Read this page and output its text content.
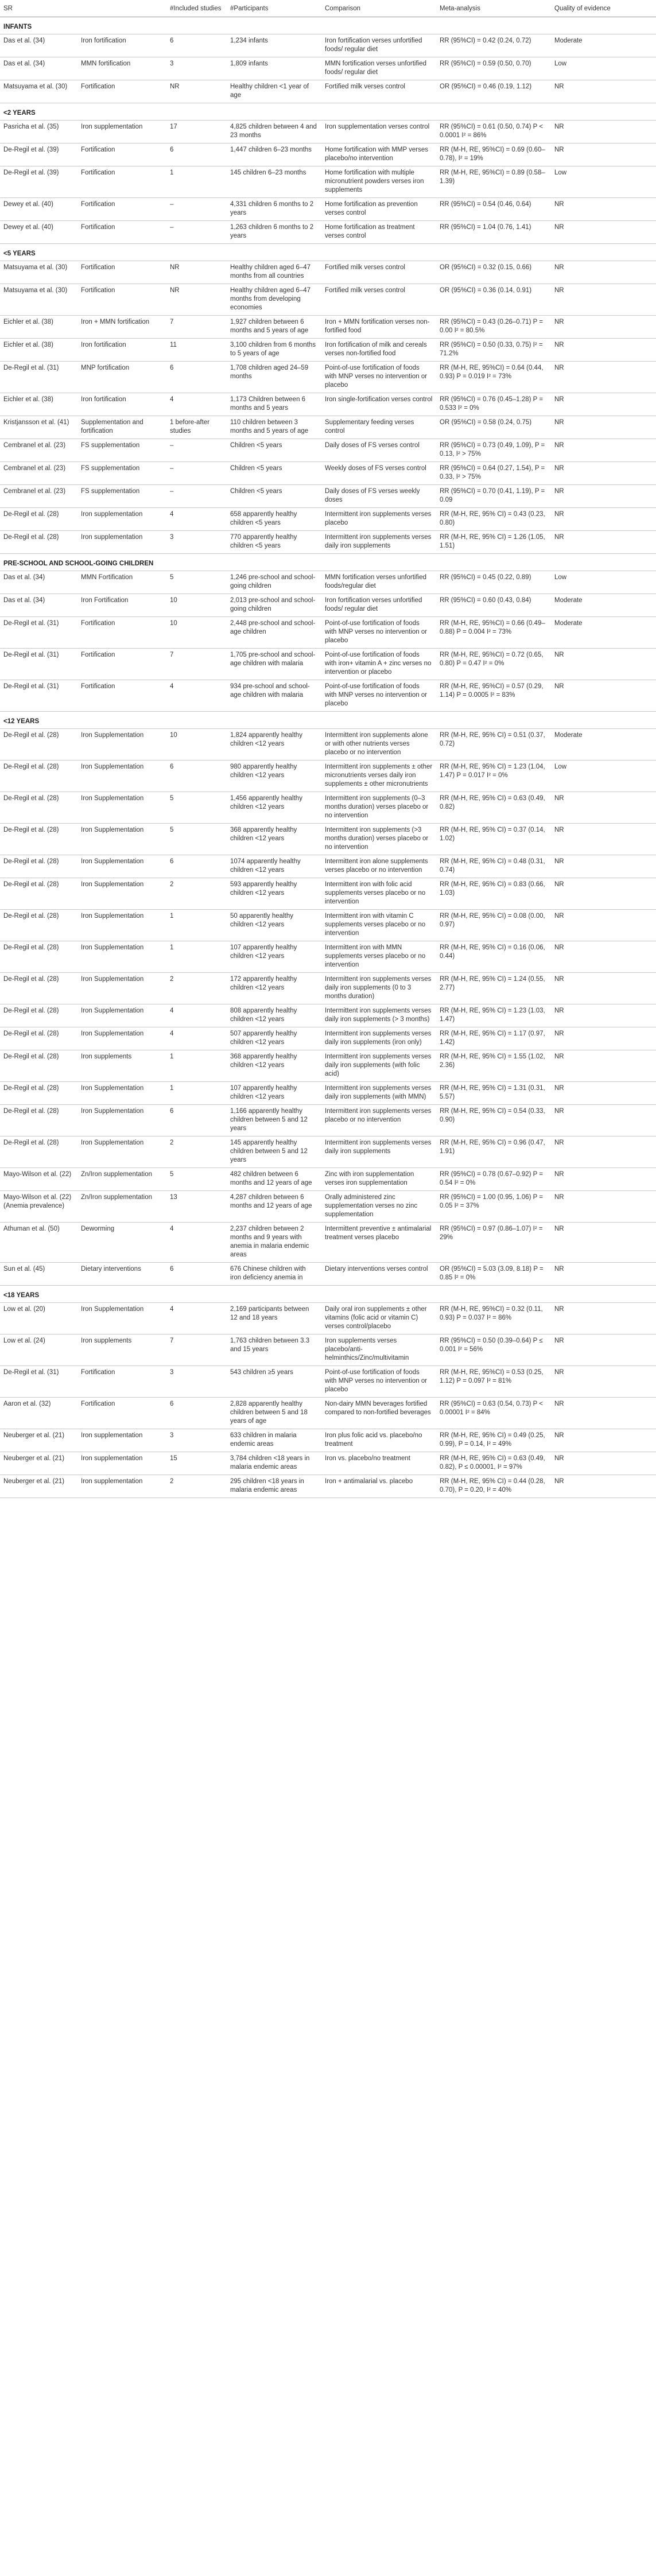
SR		#Included studies	#Participants	Comparison	Meta-analysis	Quality of evidence
INFANTS						
Das et al. (34)	Iron fortification	6	1,234 infants	Iron fortification verses unfortified foods/ regular diet	RR (95%CI) = 0.42 (0.24, 0.72)	Moderate
Das et al. (34)	MMN fortification	3	1,809 infants	MMN fortification verses unfortified foods/ regular diet	RR (95%CI) = 0.59 (0.50, 0.70)	Low
Matsuyama et al. (30)	Fortification	NR	Healthy children <1 year of age	Fortified milk verses control	OR (95%CI) = 0.46 (0.19, 1.12)	NR
<2 YEARS						
Pasricha et al. (35)	Iron supplementation	17	4,825 children between 4 and 23 months	Iron supplementation verses control	RR (95%CI) = 0.61 (0.50, 0.74) P < 0.0001 I² = 86%	NR
De-Regil et al. (39)	Fortification	6	1,447 children 6–23 months	Home fortification with MMP verses placebo/no intervention	RR (M-H, RE, 95%CI) = 0.69 (0.60–0.78), I² = 19%	NR
De-Regil et al. (39)	Fortification	1	145 children 6–23 months	Home fortification with multiple micronutrient powders verses iron supplements	RR (M-H, RE, 95%CI) = 0.89 (0.58–1.39)	Low
Dewey et al. (40)	Fortification	–	4,331 children 6 months to 2 years	Home fortification as prevention verses control	RR (95%CI) = 0.54 (0.46, 0.64)	NR
Dewey et al. (40)	Fortification	–	1,263 children 6 months to 2 years	Home fortification as treatment verses control	RR (95%CI) = 1.04 (0.76, 1.41)	NR
<5 YEARS						
Matsuyama et al. (30)	Fortification	NR	Healthy children aged 6–47 months from all countries	Fortified milk verses control	OR (95%CI) = 0.32 (0.15, 0.66)	NR
Matsuyama et al. (30)	Fortification	NR	Healthy children aged 6–47 months from developing economies	Fortified milk verses control	OR (95%CI) = 0.36 (0.14, 0.91)	NR
Eichler et al. (38)	Iron + MMN fortification	7	1,927 children between 6 months and 5 years of age	Iron + MMN fortification verses non-fortified food	RR (95%CI) = 0.43 (0.26–0.71) P = 0.00 I² = 80.5%	NR
Eichler et al. (38)	Iron fortification	11	3,100 children from 6 months to 5 years of age	Iron fortification of milk and cereals verses non-fortified food	RR (95%CI) = 0.50 (0.33, 0.75) I² = 71.2%	NR
De-Regil et al. (31)	MNP fortification	6	1,708 children aged 24–59 months	Point-of-use fortification of foods with MNP verses no intervention or placebo	RR (M-H, RE, 95%CI) = 0.64 (0.44, 0.93) P = 0.019 I² = 73%	NR
Eichler et al. (38)	Iron fortification	4	1,173 Children between 6 months and 5 years	Iron single-fortification verses control	RR (95%CI) = 0.76 (0.45–1.28) P = 0.533 I² = 0%	NR
Kristjansson et al. (41)	Supplementation and fortification	1 before-after studies	110 children between 3 months and 5 years of age	Supplementary feeding verses control	OR (95%CI) = 0.58 (0.24, 0.75)	NR
Cembranel et al. (23)	FS supplementation	–	Children <5 years	Daily doses of FS verses control	RR (95%CI) = 0.73 (0.49, 1.09), P = 0.13, I² > 75%	NR
Cembranel et al. (23)	FS supplementation	–	Children <5 years	Weekly doses of FS verses control	RR (95%CI) = 0.64 (0.27, 1.54), P = 0.33, I² > 75%	NR
Cembranel et al. (23)	FS supplementation	–	Children <5 years	Daily doses of FS verses weekly doses	RR (95%CI) = 0.70 (0.41, 1.19), P = 0.09	NR
De-Regil et al. (28)	Iron supplementation	4	658 apparently healthy children <5 years	Intermittent iron supplements verses placebo	RR (M-H, RE, 95% CI) = 0.43 (0.23, 0.80)	NR
De-Regil et al. (28)	Iron supplementation	3	770 apparently healthy children <5 years	Intermittent iron supplements verses daily iron supplements	RR (M-H, RE, 95% CI) = 1.26 (1.05, 1.51)	NR
PRE-SCHOOL AND SCHOOL-GOING CHILDREN						
Das et al. (34)	MMN Fortification	5	1,246 pre-school and school-going children	MMN fortification verses unfortified foods/regular diet	RR (95%CI) = 0.45 (0.22, 0.89)	Low
Das et al. (34)	Iron Fortification	10	2,013 pre-school and school-going children	Iron fortification verses unfortified foods/ regular diet	RR (95%CI) = 0.60 (0.43, 0.84)	Moderate
De-Regil et al. (31)	Fortification	10	2,448 pre-school and school-age children	Point-of-use fortification of foods with MNP verses no intervention or placebo	RR (M-H, RE, 95%CI) = 0.66 (0.49–0.88) P = 0.004 I² = 73%	Moderate
De-Regil et al. (31)	Fortification	7	1,705 pre-school and school-age children with malaria	Point-of-use fortification of foods with iron+ vitamin A + zinc verses no intervention or placebo	RR (M-H, RE, 95%CI) = 0.72 (0.65, 0.80) P = 0.47 I² = 0%	NR
De-Regil et al. (31)	Fortification	4	934 pre-school and school-age children with malaria	Point-of-use fortification of foods with MNP verses no intervention or placebo	RR (M-H, RE, 95%CI) = 0.57 (0.29, 1.14) P = 0.0005 I² = 83%	NR
<12 YEARS						
De-Regil et al. (28)	Iron Supplementation	10	1,824 apparently healthy children <12 years	Intermittent iron supplements alone or with other nutrients verses placebo or no intervention	RR (M-H, RE, 95% CI) = 0.51 (0.37, 0.72)	Moderate
De-Regil et al. (28)	Iron Supplementation	6	980 apparently healthy children <12 years	Intermittent iron supplements ± other micronutrients verses daily iron supplements ± other micronutrients	RR (M-H, RE, 95% CI) = 1.23 (1.04, 1.47) P = 0.017 I² = 0%	Low
De-Regil et al. (28)	Iron Supplementation	5	1,456 apparently healthy children <12 years	Intermittent iron supplements (0–3 months duration) verses placebo or no intervention	RR (M-H, RE, 95% CI) = 0.63 (0.49, 0.82)	NR
De-Regil et al. (28)	Iron Supplementation	5	368 apparently healthy children <12 years	Intermittent iron supplements (>3 months duration) verses placebo or no intervention	RR (M-H, RE, 95% CI) = 0.37 (0.14, 1.02)	NR
De-Regil et al. (28)	Iron Supplementation	6	1074 apparently healthy children <12 years	Intermittent iron alone supplements verses placebo or no intervention	RR (M-H, RE, 95% CI) = 0.48 (0.31, 0.74)	NR
De-Regil et al. (28)	Iron Supplementation	2	593 apparently healthy children <12 years	Intermittent iron with folic acid supplements verses placebo or no intervention	RR (M-H, RE, 95% CI) = 0.83 (0.66, 1.03)	NR
De-Regil et al. (28)	Iron Supplementation	1	50 apparently healthy children <12 years	Intermittent iron with vitamin C supplements verses placebo or no intervention	RR (M-H, RE, 95% CI) = 0.08 (0.00, 0.97)	NR
De-Regil et al. (28)	Iron Supplementation	1	107 apparently healthy children <12 years	Intermittent iron with MMN supplements verses placebo or no intervention	RR (M-H, RE, 95% CI) = 0.16 (0.06, 0.44)	NR
De-Regil et al. (28)	Iron Supplementation	2	172 apparently healthy children <12 years	Intermittent iron supplements verses daily iron supplements (0 to 3 months duration)	RR (M-H, RE, 95% CI) = 1.24 (0.55, 2.77)	NR
De-Regil et al. (28)	Iron Supplementation	4	808 apparently healthy children <12 years	Intermittent iron supplements verses daily iron supplements (> 3 months)	RR (M-H, RE, 95% CI) = 1.23 (1.03, 1.47)	NR
De-Regil et al. (28)	Iron Supplementation	4	507 apparently healthy children <12 years	Intermittent iron supplements verses daily iron supplements (iron only)	RR (M-H, RE, 95% CI) = 1.17 (0.97, 1.42)	NR
De-Regil et al. (28)	Iron supplements	1	368 apparently healthy children <12 years	Intermittent iron supplements verses daily iron supplements (with folic acid)	RR (M-H, RE, 95% CI) = 1.55 (1.02, 2.36)	NR
De-Regil et al. (28)	Iron Supplementation	1	107 apparently healthy children <12 years	Intermittent iron supplements verses daily iron supplements (with MMN)	RR (M-H, RE, 95% CI) = 1.31 (0.31, 5.57)	NR
De-Regil et al. (28)	Iron Supplementation	6	1,166 apparently healthy children between 5 and 12 years	Intermittent iron supplements verses placebo or no intervention	RR (M-H, RE, 95% CI) = 0.54 (0.33, 0.90)	NR
De-Regil et al. (28)	Iron Supplementation	2	145 apparently healthy children between 5 and 12 years	Intermittent iron supplements verses daily iron supplements	RR (M-H, RE, 95% CI) = 0.96 (0.47, 1.91)	NR
Mayo-Wilson et al. (22)	Zn/Iron supplementation	5	482 children between 6 months and 12 years of age	Zinc with iron supplementation verses iron supplementation	RR (95%CI) = 0.78 (0.67–0.92) P = 0.54 I² = 0%	NR
Mayo-Wilson et al. (22) (Anemia prevalence)	Zn/Iron supplementation	13	4,287 children between 6 months and 12 years of age	Orally administered zinc supplementation verses no zinc supplementation	RR (95%CI) = 1.00 (0.95, 1.06) P = 0.05 I² = 37%	NR
Athuman et al. (50)	Deworming	4	2,237 children between 2 months and 9 years with anemia in malaria endemic areas	Intermittent preventive ± antimalarial treatment verses placebo	RR (95%CI) = 0.97 (0.86–1.07) I² = 29%	NR
Sun et al. (45)	Dietary interventions	6	676 Chinese children with iron deficiency anemia in	Dietary interventions verses control	OR (95%CI) = 5.03 (3.09, 8.18) P = 0.85 I² = 0%	NR
<18 YEARS						
Low et al. (20)	Iron Supplementation	4	2,169 participants between 12 and 18 years	Daily oral iron supplements ± other vitamins (folic acid or vitamin C) verses control/placebo	RR (M-H, RE, 95%CI) = 0.32 (0.11, 0.93) P = 0.037 I² = 86%	NR
Low et al. (24)	Iron supplements	7	1,763 children between 3.3 and 15 years	Iron supplements verses placebo/anti-helminthics/Zinc/multivitamin	RR (95%CI) = 0.50 (0.39–0.64) P ≤ 0.001 I² = 56%	NR
De-Regil et al. (31)	Fortification	3	543 children ≥5 years	Point-of-use fortification of foods with MNP verses no intervention or placebo	RR (M-H, RE, 95%CI) = 0.53 (0.25, 1.12) P = 0.097 I² = 81%	NR
Aaron et al. (32)	Fortification	6	2,828 apparently healthy children between 5 and 18 years of age	Non-dairy MMN beverages fortified compared to non-fortified beverages	RR (95%CI) = 0.63 (0.54, 0.73) P < 0.00001 I² = 84%	NR
Neuberger et al. (21)	Iron supplementation	3	633 children in malaria endemic areas	Iron plus folic acid vs. placebo/no treatment	RR (M-H, RE, 95% CI) = 0.49 (0.25, 0.99), P = 0.14, I² = 49%	NR
Neuberger et al. (21)	Iron supplementation	15	3,784 children <18 years in malaria endemic areas	Iron vs. placebo/no treatment	RR (M-H, RE, 95% CI) = 0.63 (0.49, 0.82), P ≤ 0.00001, I² = 97%	NR
Neuberger et al. (21)	Iron supplementation	2	295 children <18 years in malaria endemic areas	Iron + antimalarial vs. placebo	RR (M-H, RE, 95% CI) = 0.44 (0.28, 0.70), P = 0.20, I² = 40%	NR
